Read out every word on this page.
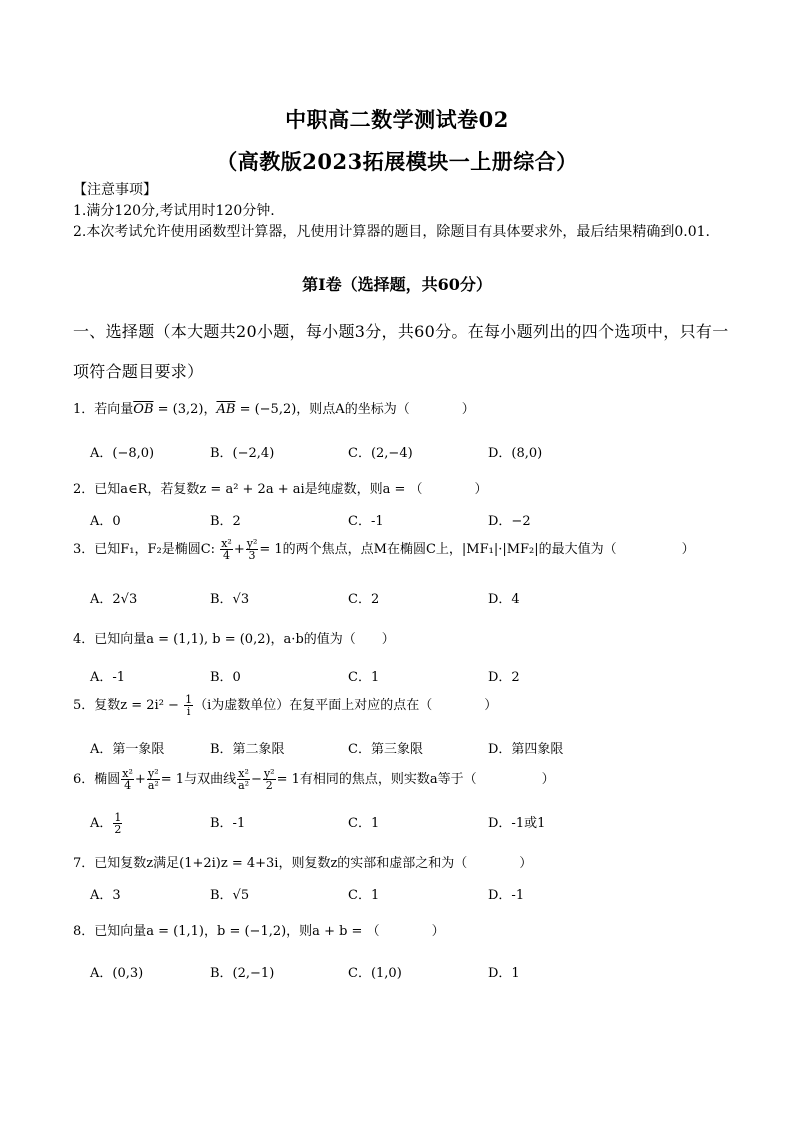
中职高二数学测试卷02
（高教版2023拓展模块一上册综合）
【注意事项】
1.满分120分,考试用时120分钟.
2.本次考试允许使用函数型计算器，凡使用计算器的题目，除题目有具体要求外，最后结果精确到0.01.
第Ⅰ卷（选择题，共60分）
一、选择题（本大题共20小题，每小题3分，共60分。在每小题列出的四个选项中，只有一项符合题目要求）
1．若向量$\overline{OB} = (3,2)$，$\overline{AB} = (-5,2)$，则点A的坐标为（　　　　）
A．(−8,0)	B．(−2,4)	C．(2,−4)	D．(8,0)
2．已知a∈R，若复数z = a² + 2a + ai是纯虚数，则a = （　　　　）
A．0	B．2	C．-1	D．−2
3．已知F₁，F₂是椭圆C: $\frac{\text{x²}}{4} + \frac{\text{y²}}{3} = 1$的两个焦点，点M在椭圆C上，|MF₁|·|MF₂|的最大值为（　　　　　）
A．2√3	B．√3	C．2	D．4
4．已知向量a = (1,1), b = (0,2)，a·b的值为（　　）
A．-1	B．0	C．1	D．2
5．复数$z = 2i^2 - \frac{1}{i} (i$为虚数单位）在复平面上对应的点在（　　　　）
A．第一象限	B．第二象限	C．第三象限	D．第四象限
6．椭圆 $\frac{\text{x²}}{4} + \frac{\text{y²}}{\text{a²}} = 1$与双曲线 $\frac{\text{x²}}{\text{a²}} - \frac{\text{y²}}{2} = 1$有相同的焦点，则实数a等于（　　　　　）
A． $\frac{1}{2}$	B．-1	C．1	D．-1或1
7．已知复数z满足(1+2i)z = 4+3i，则复数z的实部和虚部之和为（　　　　）
A．3	B．√5	C．1	D．-1
8．已知向量a = (1,1)，b = (−1,2)，则a + b = （　　　　）
A．(0,3)	B．(2,−1)	C．(1,0)	D．1
